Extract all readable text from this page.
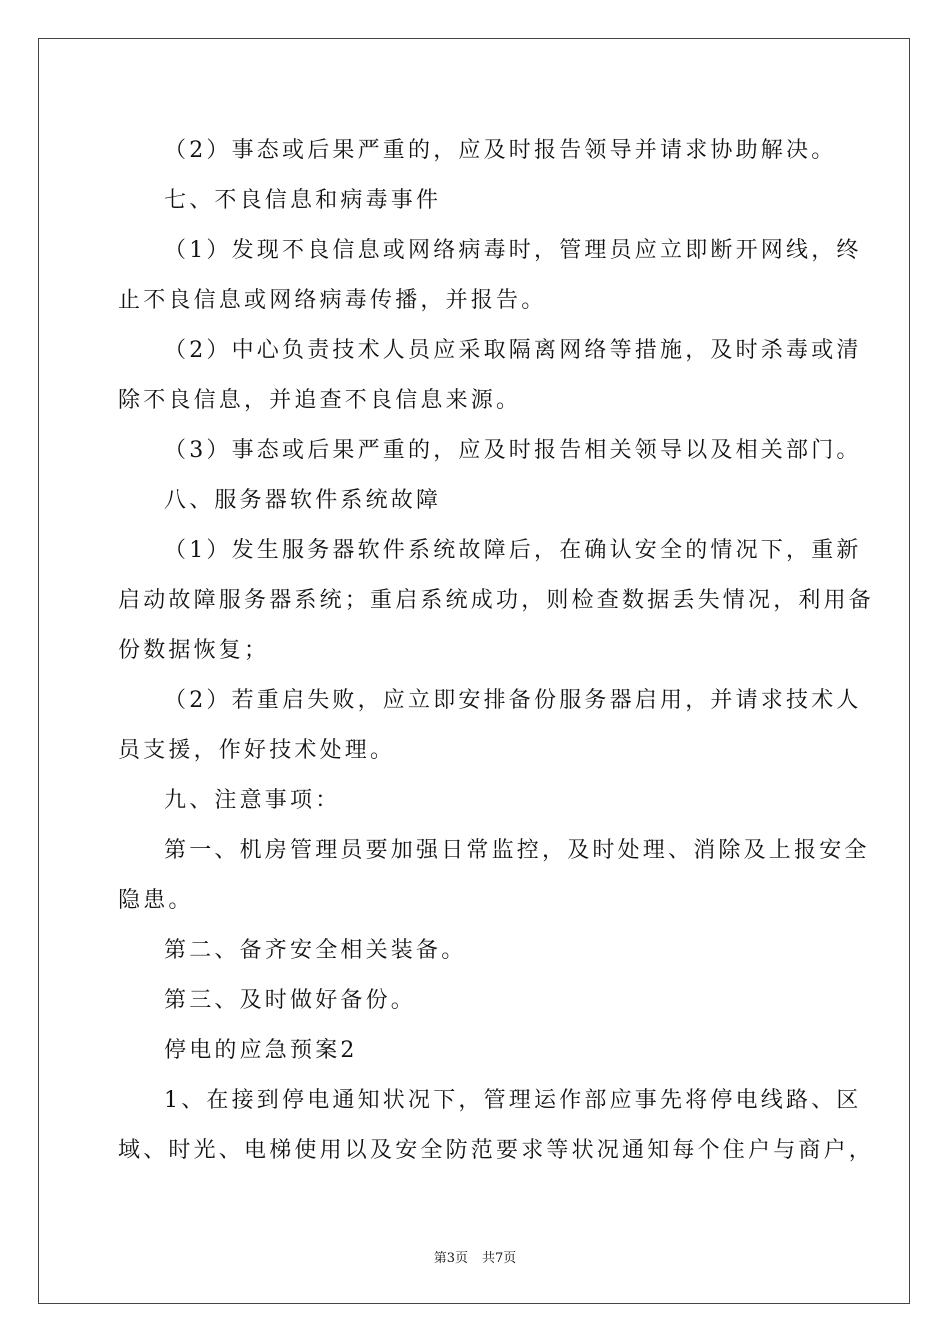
（2）事态或后果严重的，应及时报告领导并请求协助解决。
七、不良信息和病毒事件
（1）发现不良信息或网络病毒时，管理员应立即断开网线，终
止不良信息或网络病毒传播，并报告。
（2）中心负责技术人员应采取隔离网络等措施，及时杀毒或清
除不良信息，并追查不良信息来源。
（3）事态或后果严重的，应及时报告相关领导以及相关部门。
八、服务器软件系统故障
（1）发生服务器软件系统故障后，在确认安全的情况下，重新
启动故障服务器系统；重启系统成功，则检查数据丢失情况，利用备
份数据恢复；
（2）若重启失败，应立即安排备份服务器启用，并请求技术人
员支援，作好技术处理。
九、注意事项：
第一、机房管理员要加强日常监控，及时处理、消除及上报安全
隐患。
第二、备齐安全相关装备。
第三、及时做好备份。
停电的应急预案2
1、在接到停电通知状况下，管理运作部应事先将停电线路、区
域、时光、电梯使用以及安全防范要求等状况通知每个住户与商户，
第3页 共7页
